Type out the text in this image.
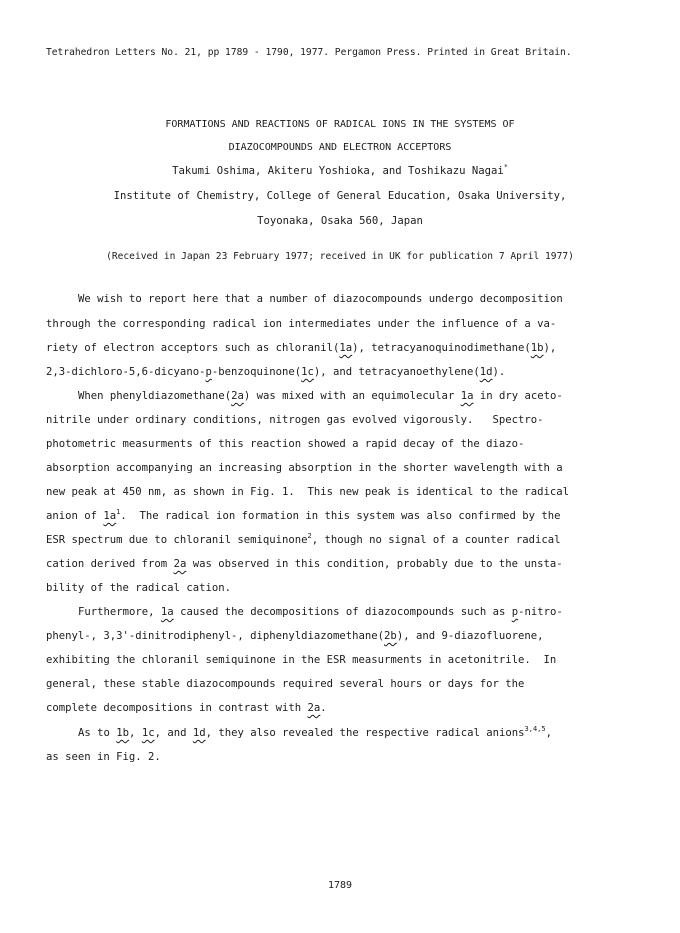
Tetrahedron Letters No. 21, pp 1789 - 1790, 1977. Pergamon Press. Printed in Great Britain.
FORMATIONS AND REACTIONS OF RADICAL IONS IN THE SYSTEMS OF
DIAZOCOMPOUNDS AND ELECTRON ACCEPTORS
Takumi Oshima, Akiteru Yoshioka, and Toshikazu Nagai*
Institute of Chemistry, College of General Education, Osaka University,
Toyonaka, Osaka 560, Japan
(Received in Japan 23 February 1977; received in UK for publication 7 April 1977)
We wish to report here that a number of diazocompounds undergo decomposition
through the corresponding radical ion intermediates under the influence of a va-
riety of electron acceptors such as chloranil(1a), tetracyanoquinodimethane(1b),
2,3-dichloro-5,6-dicyano-p-benzoquinone(1c), and tetracyanoethylene(1d).
When phenyldiazomethane(2a) was mixed with an equimolecular 1a in dry aceto-
nitrile under ordinary conditions, nitrogen gas evolved vigorously.   Spectro-
photometric measurments of this reaction showed a rapid decay of the diazo-
absorption accompanying an increasing absorption in the shorter wavelength with a
new peak at 450 nm, as shown in Fig. 1.  This new peak is identical to the radical
anion of $1a^1$.  The radical ion formation in this system was also confirmed by the
ESR spectrum due to chloranil semiquinone$^2$, though no signal of a counter radical
cation derived from 2a was observed in this condition, probably due to the unsta-
bility of the radical cation.
Furthermore, 1a caused the decompositions of diazocompounds such as p-nitro-
phenyl-, 3,3'-dinitrodiphenyl-, diphenyldiazomethane(2b), and 9-diazofluorene,
exhibiting the chloranil semiquinone in the ESR measurments in acetonitrile.  In
general, these stable diazocompounds required several hours or days for the
complete decompositions in contrast with 2a.
As to 1b, 1c, and 1d, they also revealed the respective radical anions$^{3,4,5}$,
as seen in Fig. 2.
1789
